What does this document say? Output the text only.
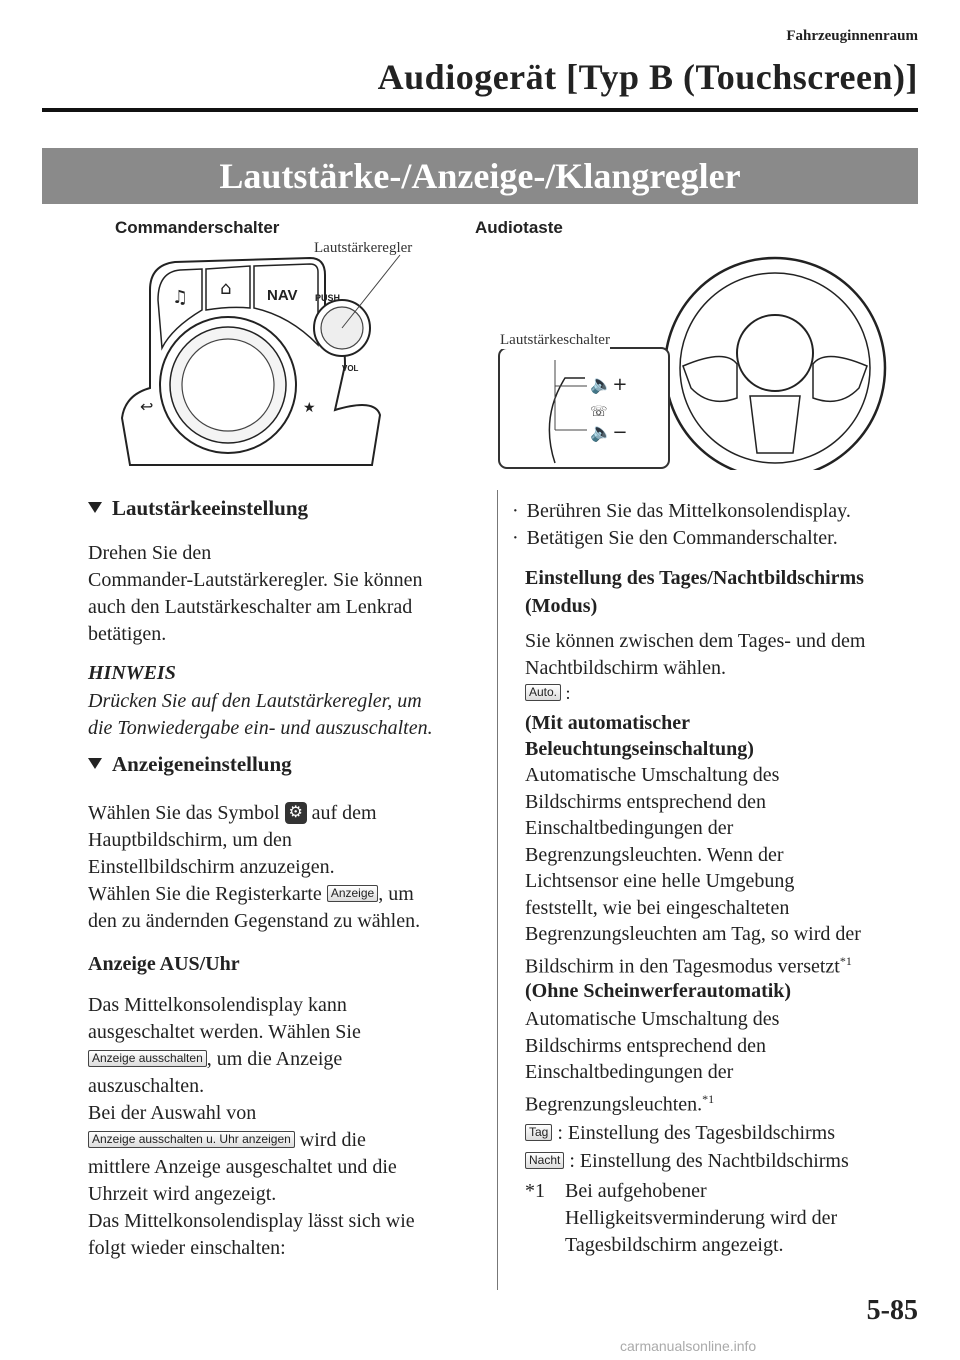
Fahrzeuginnenraum
Audiogerät [Typ B (Touchscreen)]
Lautstärke-/Anzeige-/Klangregler
Commanderschalter
Lautstärkeregler
♫ ⌂ NAV
↩	★
PUSH
VOL
Audiotaste
🔈+
☏
🔈−
Lautstärkeschalter
Lautstärkeeinstellung
Drehen Sie den
Commander-Lautstärkeregler. Sie können
auch den Lautstärkeschalter am Lenkrad
betätigen.
HINWEIS
Drücken Sie auf den Lautstärkeregler, um
die Tonwiedergabe ein- und auszuschalten.
Anzeigeneinstellung
Wählen Sie das Symbol ⚙ auf dem
Hauptbildschirm, um den
Einstellbildschirm anzuzeigen.
Wählen Sie die Registerkarte Anzeige , um
den zu ändernden Gegenstand zu wählen.
Anzeige AUS/Uhr
Das Mittelkonsolendisplay kann
ausgeschaltet werden. Wählen Sie
Anzeige ausschalten , um die Anzeige
auszuschalten.
Bei der Auswahl von
Anzeige ausschalten u. Uhr anzeigen wird die
mittlere Anzeige ausgeschaltet und die
Uhrzeit wird angezeigt.
Das Mittelkonsolendisplay lässt sich wie
folgt wieder einschalten:
· Berühren Sie das Mittelkonsolendisplay.
· Betätigen Sie den Commanderschalter.
Einstellung des Tages/Nachtbildschirms
(Modus)
Sie können zwischen dem Tages- und dem
Nachtbildschirm wählen.
Auto. :
(Mit automatischer
Beleuchtungseinschaltung)
Automatische Umschaltung des
Bildschirms entsprechend den
Einschaltbedingungen der
Begrenzungsleuchten. Wenn der
Lichtsensor eine helle Umgebung
feststellt, wie bei eingeschalteten
Begrenzungsleuchten am Tag, so wird der
Bildschirm in den Tagesmodus versetzt$^{*1}$
(Ohne Scheinwerferautomatik)
Automatische Umschaltung des
Bildschirms entsprechend den
Einschaltbedingungen der
Begrenzungsleuchten.$^{*1}$
Tag : Einstellung des Tagesbildschirms
Nacht : Einstellung des Nachtbildschirms
*1 Bei aufgehobener
Helligkeitsverminderung wird der
Tagesbildschirm angezeigt.
5-85
carmanualsonline.info
